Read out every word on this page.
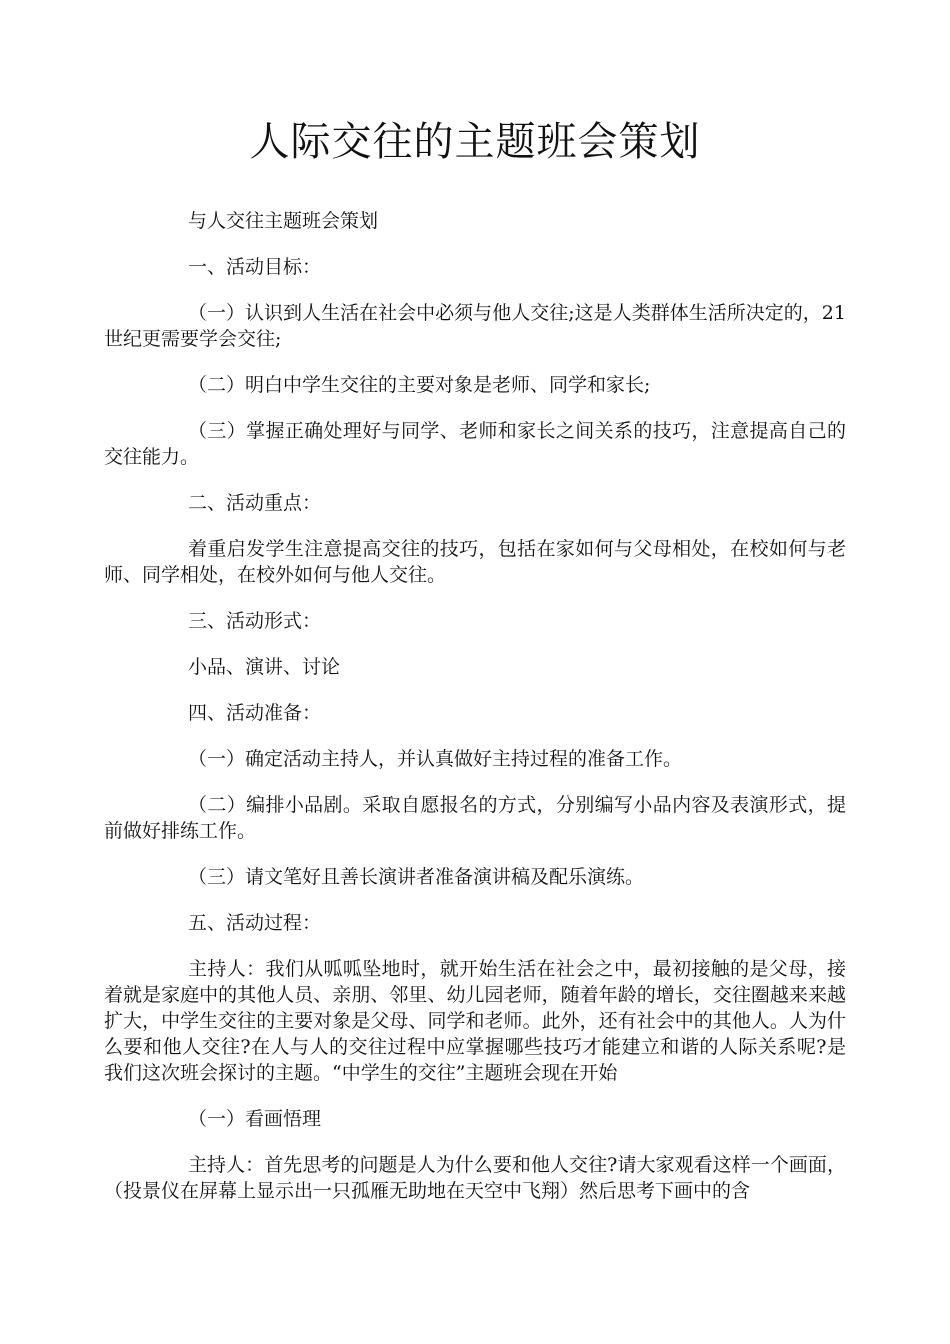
人际交往的主题班会策划

与人交往主题班会策划

一、活动目标：

（一）认识到人生活在社会中必须与他人交往;这是人类群体生活所决定的，21世纪更需要学会交往;

（二）明白中学生交往的主要对象是老师、同学和家长;

（三）掌握正确处理好与同学、老师和家长之间关系的技巧，注意提高自己的交往能力。

二、活动重点：

着重启发学生注意提高交往的技巧，包括在家如何与父母相处，在校如何与老师、同学相处，在校外如何与他人交往。

三、活动形式：

小品、演讲、讨论

四、活动准备：

（一）确定活动主持人，并认真做好主持过程的准备工作。

（二）编排小品剧。采取自愿报名的方式，分别编写小品内容及表演形式，提前做好排练工作。

（三）请文笔好且善长演讲者准备演讲稿及配乐演练。

五、活动过程：

主持人：我们从呱呱坠地时，就开始生活在社会之中，最初接触的是父母，接着就是家庭中的其他人员、亲朋、邻里、幼儿园老师，随着年龄的增长，交往圈越来来越扩大，中学生交往的主要对象是父母、同学和老师。此外，还有社会中的其他人。人为什么要和他人交往?在人与人的交往过程中应掌握哪些技巧才能建立和谐的人际关系呢?是我们这次班会探讨的主题。“中学生的交往”主题班会现在开始

（一）看画悟理

主持人：首先思考的问题是人为什么要和他人交往?请大家观看这样一个画面，（投景仪在屏幕上显示出一只孤雁无助地在天空中飞翔）然后思考下画中的含
